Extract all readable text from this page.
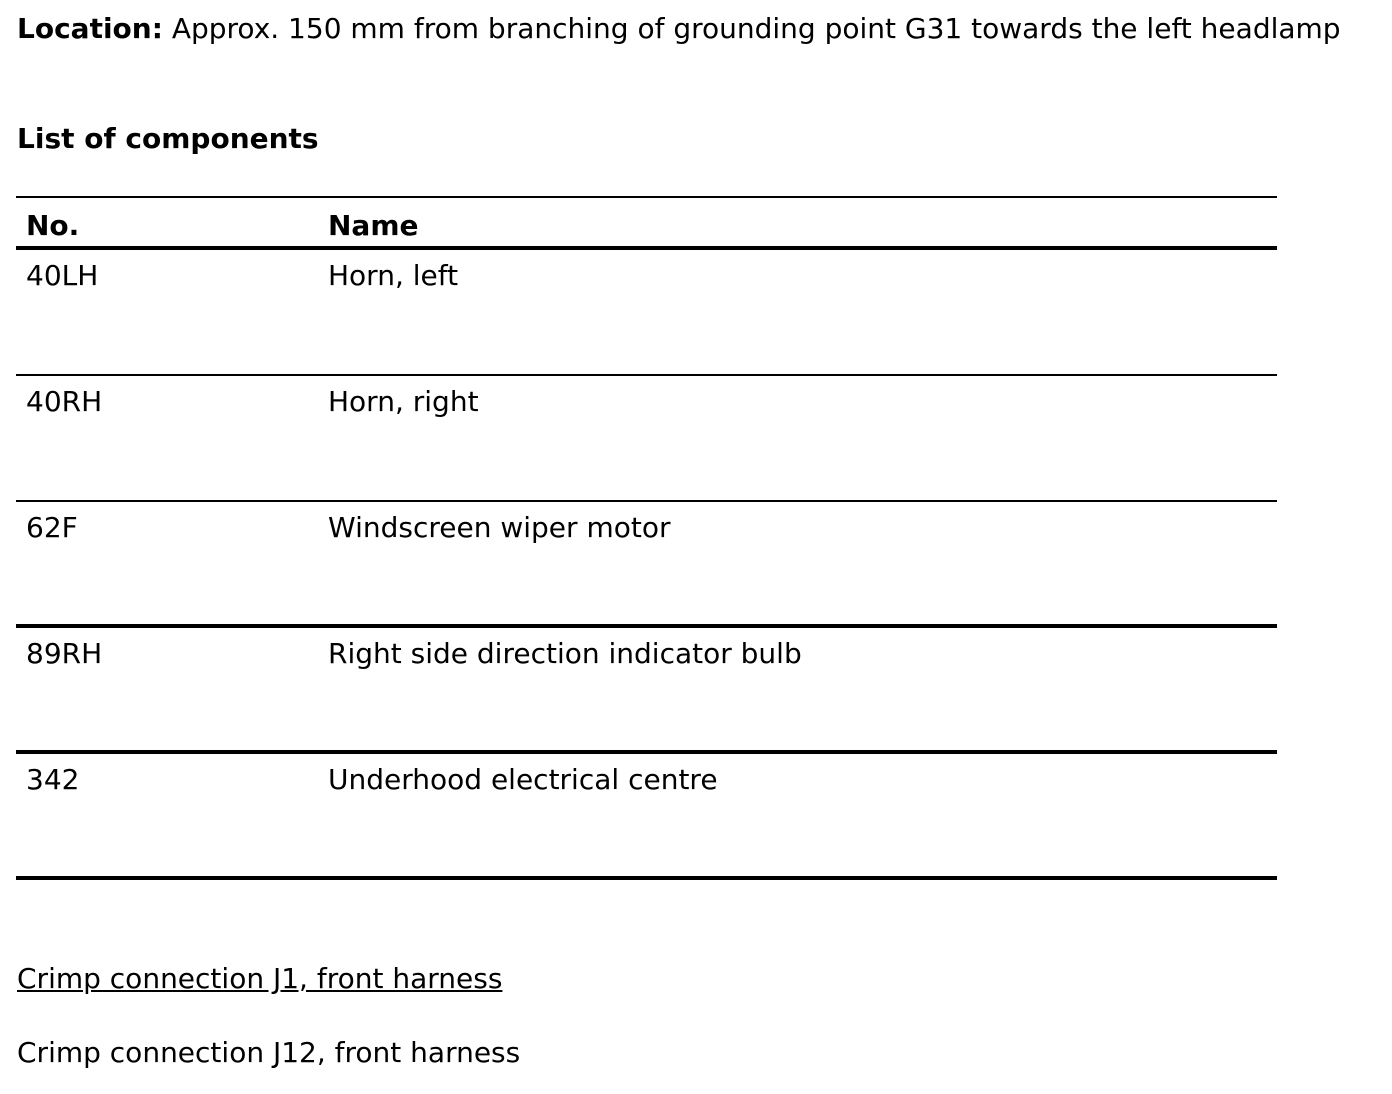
Location: Approx. 150 mm from branching of grounding point G31 towards the left headlamp
List of components
No.	Name
40LH	Horn, left
40RH	Horn, right
62F	Windscreen wiper motor
89RH	Right side direction indicator bulb
342	Underhood electrical centre
Crimp connection J1, front harness
Crimp connection J12, front harness
